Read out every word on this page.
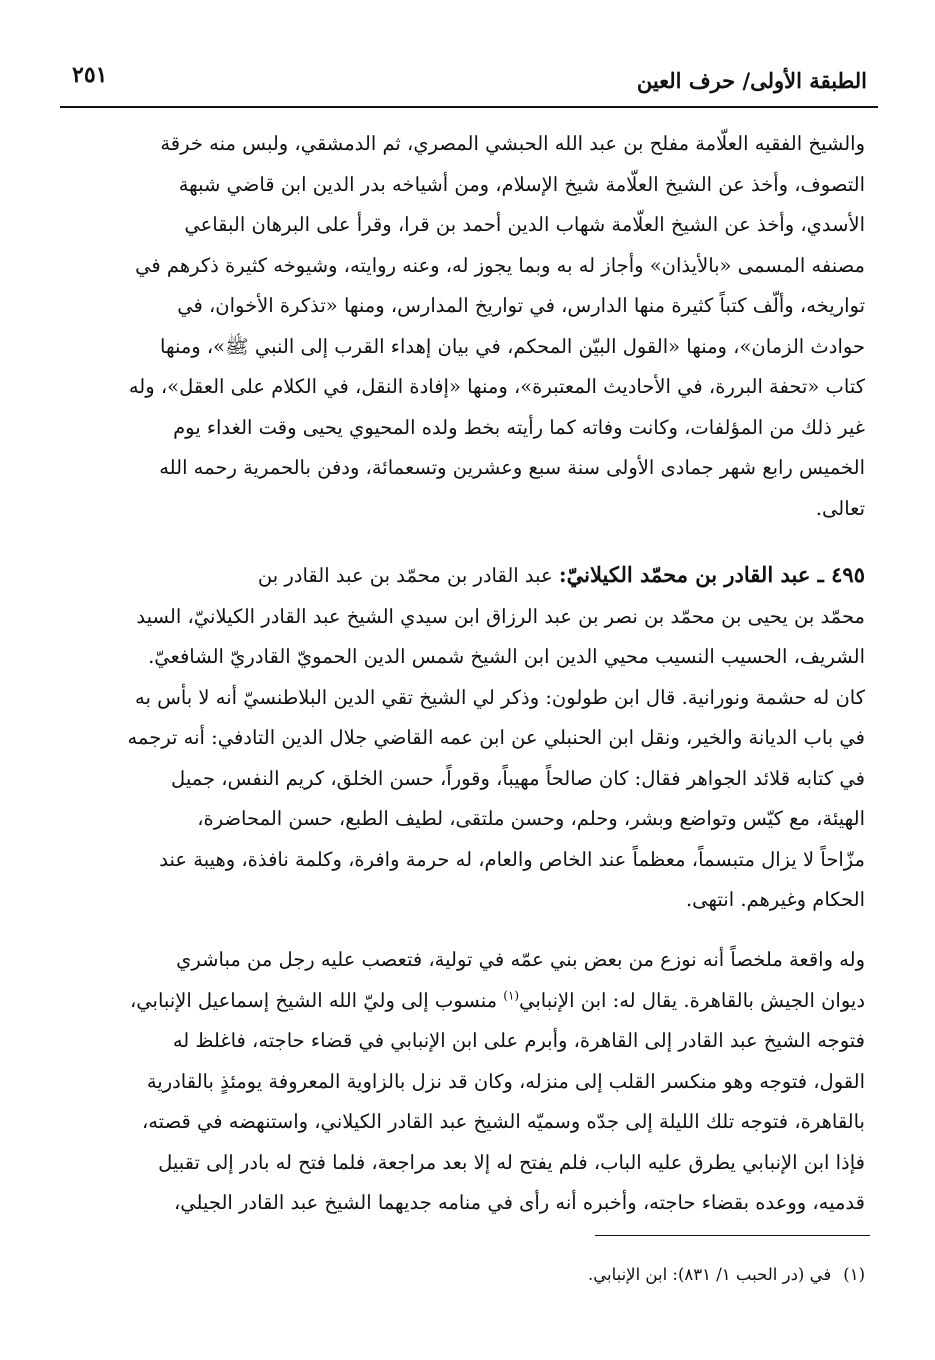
الطبقة الأولى/ حرف العين
٢٥١
والشيخ الفقيه العلّامة مفلح بن عبد الله الحبشي المصري، ثم الدمشقي، ولبس منه خرقة
التصوف، وأخذ عن الشيخ العلّامة شيخ الإسلام، ومن أشياخه بدر الدين ابن قاضي شبهة
الأسدي، وأخذ عن الشيخ العلّامة شهاب الدين أحمد بن قرا، وقرأ على البرهان البقاعي
مصنفه المسمى «بالأيذان» وأجاز له به وبما يجوز له، وعنه روايته، وشيوخه كثيرة ذكرهم في
تواريخه، وألّف كتباً كثيرة منها الدارس، في تواريخ المدارس، ومنها «تذكرة الأخوان، في
حوادث الزمان»، ومنها «القول البيّن المحكم، في بيان إهداء القرب إلى النبي ﷺ»، ومنها
كتاب «تحفة البررة، في الأحاديث المعتبرة»، ومنها «إفادة النقل، في الكلام على العقل»، وله
غير ذلك من المؤلفات، وكانت وفاته كما رأيته بخط ولده المحيوي يحيى وقت الغداء يوم
الخميس رابع شهر جمادى الأولى سنة سبع وعشرين وتسعمائة، ودفن بالحمرية رحمه الله
تعالى.
٤٩٥ ـ عبد القادر بن محمّد الكيلانيّ: عبد القادر بن محمّد بن عبد القادر بن
محمّد بن يحيى بن محمّد بن نصر بن عبد الرزاق ابن سيدي الشيخ عبد القادر الكيلانيّ، السيد
الشريف، الحسيب النسيب محيي الدين ابن الشيخ شمس الدين الحمويّ القادريّ الشافعيّ.
كان له حشمة ونورانية. قال ابن طولون: وذكر لي الشيخ تقي الدين البلاطنسيّ أنه لا بأس به
في باب الديانة والخير، ونقل ابن الحنبلي عن ابن عمه القاضي جلال الدين التادفي: أنه ترجمه
في كتابه قلائد الجواهر فقال: كان صالحاً مهيباً، وقوراً، حسن الخلق، كريم النفس، جميل
الهيئة، مع كيّس وتواضع وبشر، وحلم، وحسن ملتقى، لطيف الطبع، حسن المحاضرة،
مزّاحاً لا يزال متبسماً، معظماً عند الخاص والعام، له حرمة وافرة، وكلمة نافذة، وهيبة عند
الحكام وغيرهم. انتهى.
وله واقعة ملخصاً أنه نوزع من بعض بني عمّه في تولية، فتعصب عليه رجل من مباشري
ديوان الجيش بالقاهرة. يقال له: ابن الإنبابي$^{(١)}$ منسوب إلى وليّ الله الشيخ إسماعيل الإنبابي،
فتوجه الشيخ عبد القادر إلى القاهرة، وأبرم على ابن الإنبابي في قضاء حاجته، فاغلظ له
القول، فتوجه وهو منكسر القلب إلى منزله، وكان قد نزل بالزاوية المعروفة يومئذٍ بالقادرية
بالقاهرة، فتوجه تلك الليلة إلى جدّه وسميّه الشيخ عبد القادر الكيلاني، واستنهضه في قصته،
فإذا ابن الإنبابي يطرق عليه الباب، فلم يفتح له إلا بعد مراجعة، فلما فتح له بادر إلى تقبيل
قدميه، ووعده بقضاء حاجته، وأخبره أنه رأى في منامه جديهما الشيخ عبد القادر الجيلي،
(١)في (در الحبب ١/ ٨٣١): ابن الإنبابي.
